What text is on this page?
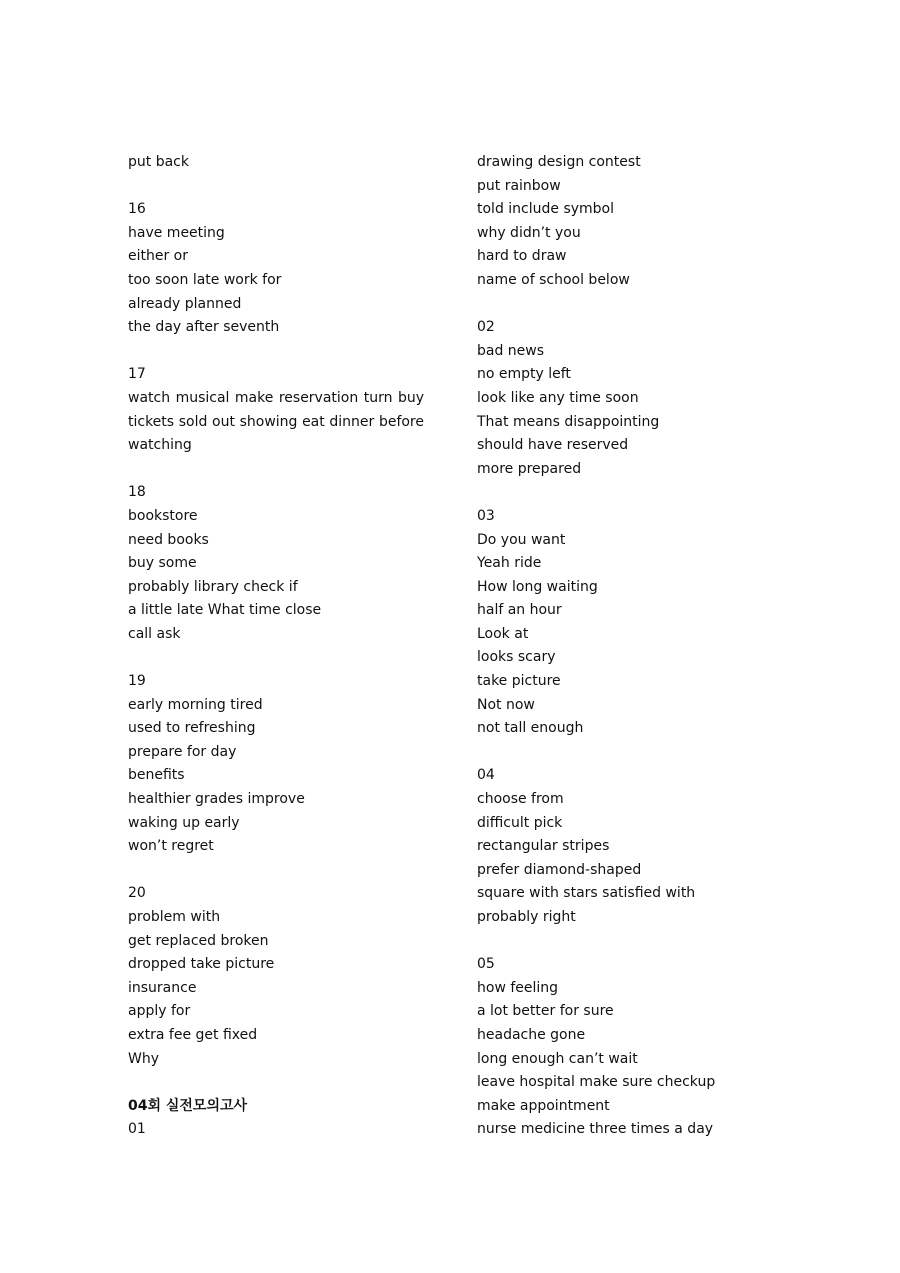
put back
16
have meeting
either or
too soon late work for
already planned
the day after seventh
17
watch musical make reservation turn buy
tickets sold out showing eat dinner before
watching
18
bookstore
need books
buy some
probably library check if
a little late What time close
call ask
19
early morning tired
used to refreshing
prepare for day
benefits
healthier grades improve
waking up early
won’t regret
20
problem with
get replaced broken
dropped take picture
insurance
apply for
extra fee get fixed
Why
04회 실전모의고사
01
drawing design contest
put rainbow
told include symbol
why didn’t you
hard to draw
name of school below
02
bad news
no empty left
look like any time soon
That means disappointing
should have reserved
more prepared
03
Do you want
Yeah ride
How long waiting
half an hour
Look at
looks scary
take picture
Not now
not tall enough
04
choose from
difficult pick
rectangular stripes
prefer diamond-shaped
square with stars satisfied with
probably right
05
how feeling
a lot better for sure
headache gone
long enough can’t wait
leave hospital make sure checkup
make appointment
nurse medicine three times a day
